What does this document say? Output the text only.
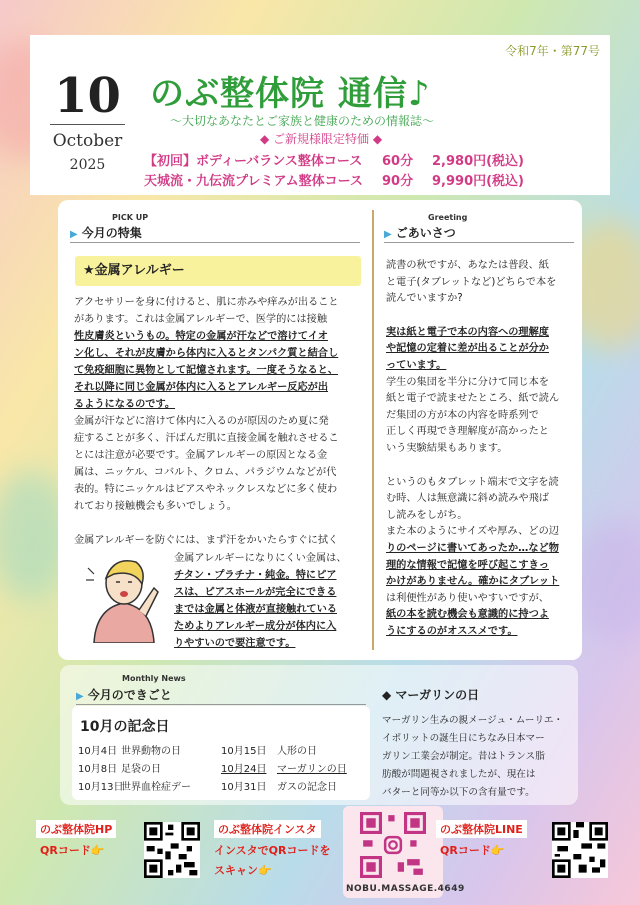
令和7年・第77号
10
October
2025
のぶ整体院 通信♪
〜大切なあなたとご家族と健康のための情報誌〜
◆ ご新規様限定特価 ◆
【初回】ボディーバランス整体コース 60分 2,980円(税込)
天城流・九伝流プレミアム整体コース 90分 9,990円(税込)
PICK UP
▶ 今月の特集
★金属アレルギー

アクセサリーを身に付けると、肌に赤みや痒みが出ること

があります。これは金属アレルギーで、医学的には接触

性皮膚炎というもの。特定の金属が汗などで溶けてイオ

ン化し、それが皮膚から体内に入るとタンパク質と結合し

て免疫細胞に異物として記憶されます。一度そうなると、

それ以降に同じ金属が体内に入るとアレルギー反応が出

るようになるのです。

金属が汗などに溶けて体内に入るのが原因のため夏に発

症することが多く、汗ばんだ肌に直接金属を触れさせるこ

とには注意が必要です。金属アレルギーの原因となる金

属は、ニッケル、コバルト、クロム、パラジウムなどが代

表的。特にニッケルはピアスやネックレスなどに多く使わ

れており接触機会も多いでしょう。

金属アレルギーを防ぐには、まず汗をかいたらすぐに拭く

金属アレルギーになりにくい金属は、

チタン・プラチナ・純金。特にピア

スは、ピアスホールが完全にできる

までは金属と体液が直接触れている

ためよりアレルギー成分が体内に入

りやすいので要注意です。

Greeting
▶ ごあいさつ

読書の秋ですが、あなたは普段、紙

と電子(タブレットなど)どちらで本を

読んでいますか?

実は紙と電子で本の内容への理解度

や記憶の定着に差が出ることが分か

っています。

学生の集団を半分に分けて同じ本を

紙と電子で読ませたところ、紙で読ん

だ集団の方が本の内容を時系列で

正しく再現でき理解度が高かったと

いう実験結果もあります。

というのもタブレット端末で文字を読

む時、人は無意識に斜め読みや飛ば

し読みをしがち。

また本のようにサイズや厚み、どの辺

りのページに書いてあったか…など物

理的な情報で記憶を呼び起こすきっ

かけがありません。確かにタブレット

は利便性があり使いやすいですが、

紙の本を読む機会も意識的に持つよ

うにするのがオススメです。

Monthly News
▶ 今月のできごと
10月の記念日
10月4日 世界動物の日	10月15日 人形の日
10月8日 足袋の日	10月24日 マーガリンの日
10月13日世界血栓症デー	10月31日 ガスの記念日
◆ マーガリンの日
マーガリン生みの親メージュ・ムーリエ・
イポリットの誕生日にちなみ日本マー
ガリン工業会が制定。昔はトランス脂
肪酸が問題視されましたが、現在は
バターと同等か以下の含有量です。
のぶ整体院HP
QRコード👉
のぶ整体院インスタ
インスタでQRコードを
スキャン👉
NOBU.MASSAGE.4649
のぶ整体院LINE
QRコード👉
